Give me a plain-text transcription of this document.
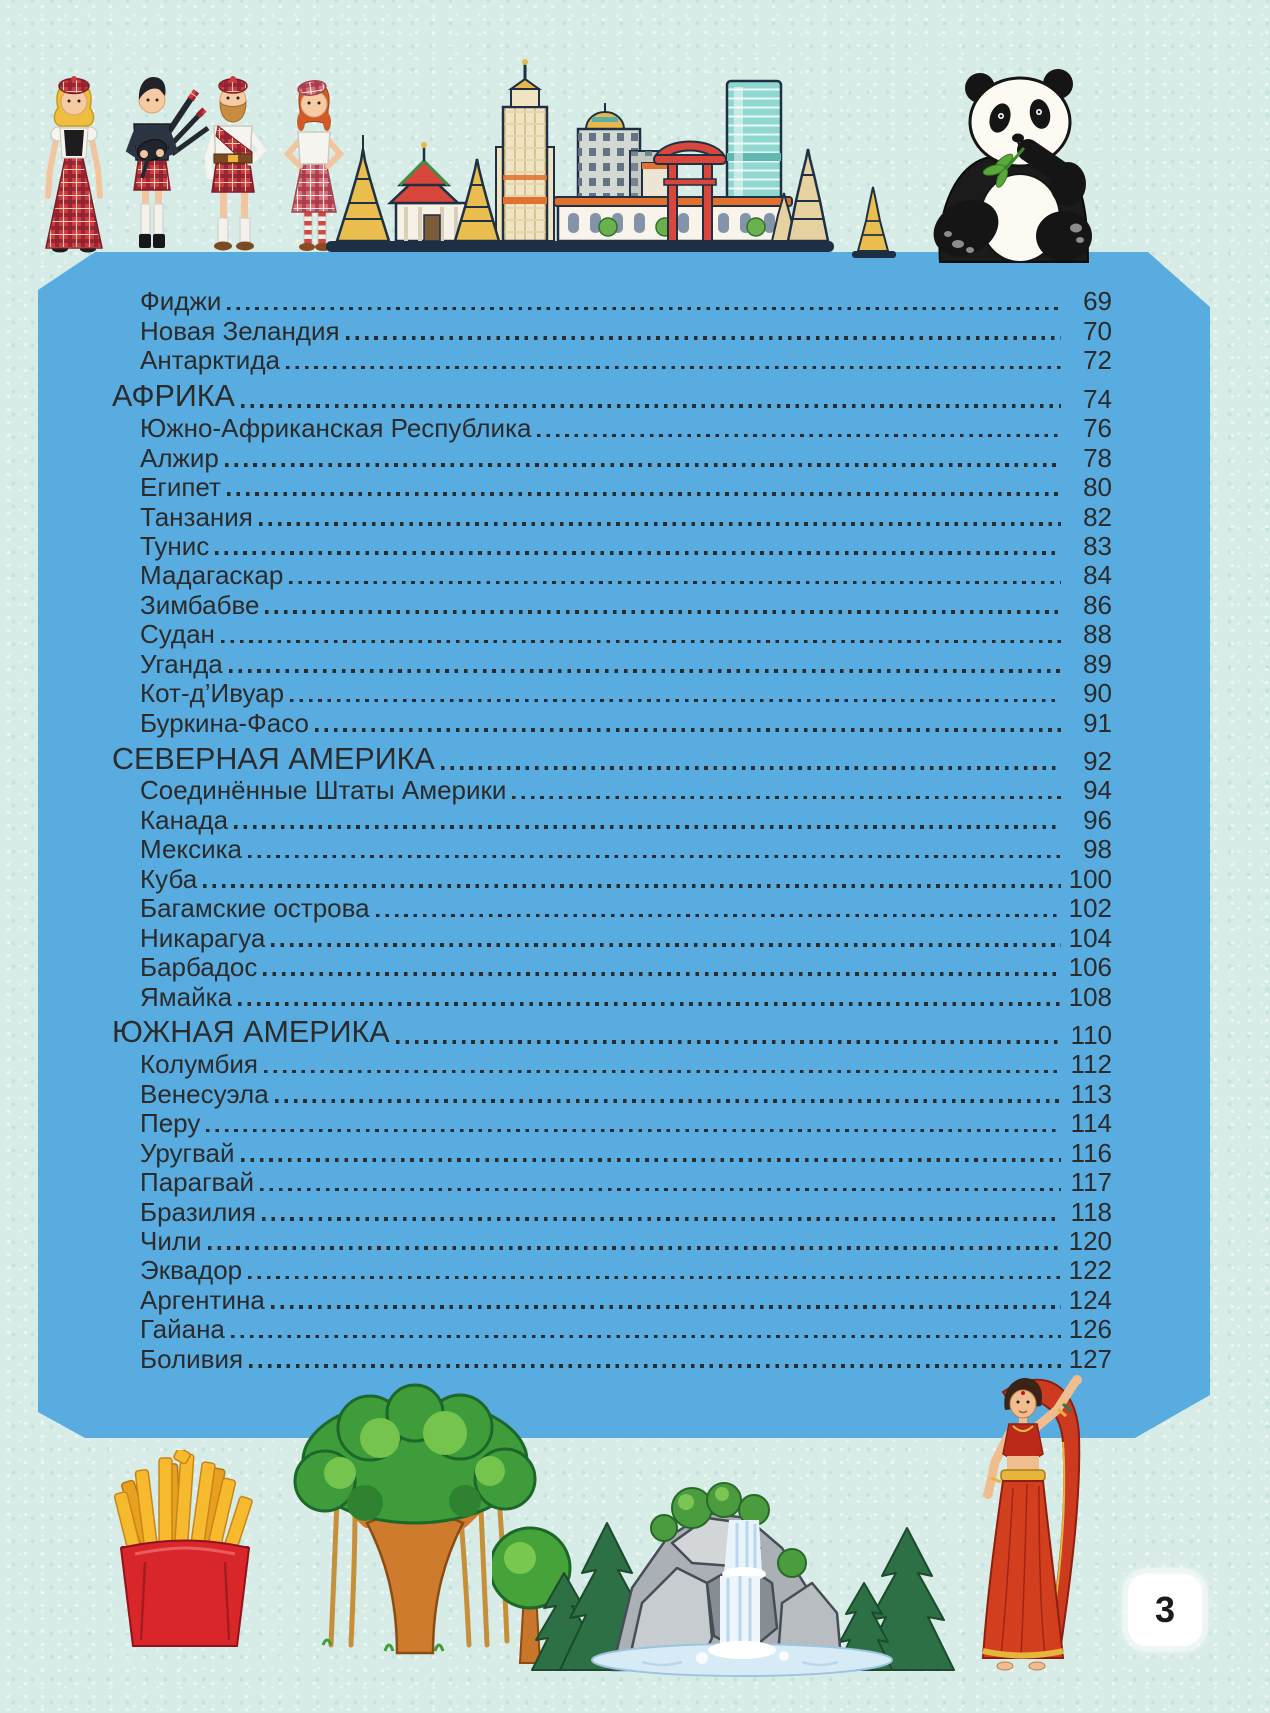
Фиджи	69
Новая Зеландия	70
Антарктида	72
АФРИКА	74
Южно-Африканская Республика	76
Алжир	78
Египет	80
Танзания	82
Тунис	83
Мадагаскар	84
Зимбабве	86
Судан	88
Уганда	89
Кот-д’Ивуар	90
Буркина-Фасо	91
СЕВЕРНАЯ АМЕРИКА	92
Соединённые Штаты Америки	94
Канада	96
Мексика	98
Куба	100
Багамские острова	102
Никарагуа	104
Барбадос	106
Ямайка	108
ЮЖНАЯ АМЕРИКА	110
Колумбия	112
Венесуэла	113
Перу	114
Уругвай	116
Парагвай	117
Бразилия	118
Чили	120
Эквадор	122
Аргентина	124
Гайана	126
Боливия	127
3
